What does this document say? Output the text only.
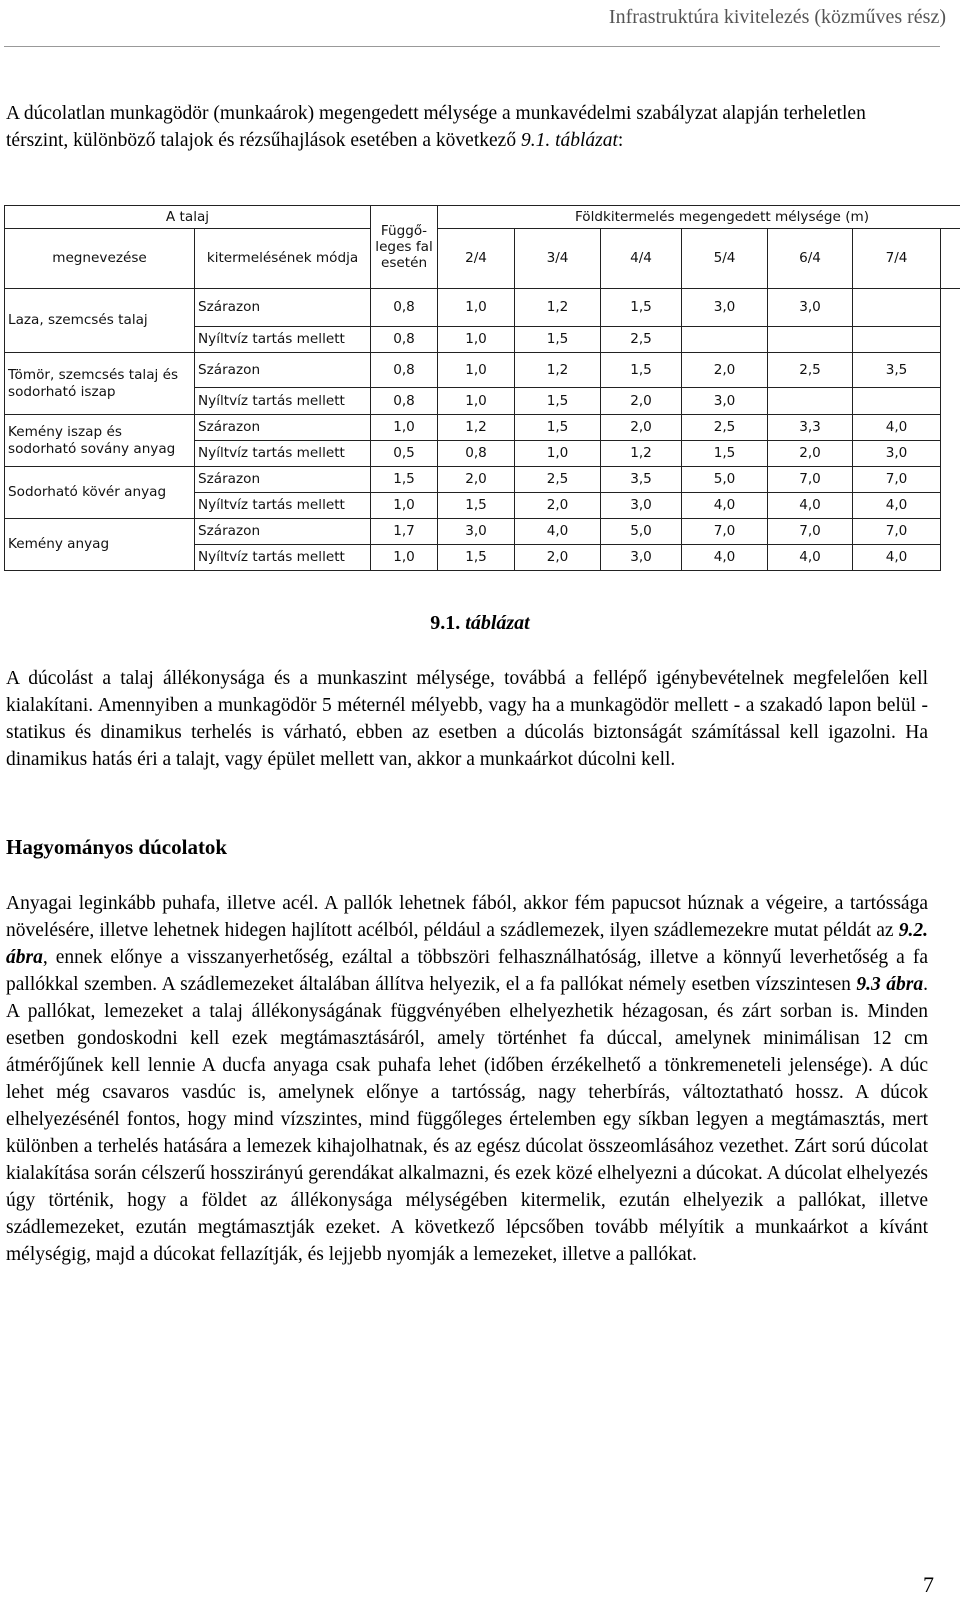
Infrastruktúra kivitelezés (közműves rész)
A dúcolatlan munkagödör (munkaárok) megengedett mélysége a munkavédelmi szabályzat alapján terheletlen térszint, különböző talajok és rézsűhajlások esetében a következő 9.1. táblázat:
A talaj		Függő-leges fal esetén	Földkitermelés megengedett mélysége (m)						
megnevezése	kitermelésének módja		2/4	3/4	4/4	5/4	6/4	7/4	
Laza, szemcsés talaj	Szárazon	0,8	1,0	1,2	1,5	3,0	3,0		
	Nyíltvíz tartás mellett	0,8	1,0	1,5	2,5				
Tömör, szemcsés talaj és sodorható iszap	Szárazon	0,8	1,0	1,2	1,5	2,0	2,5	3,5	
	Nyíltvíz tartás mellett	0,8	1,0	1,5	2,0	3,0			
Kemény iszap és sodorható sovány anyag	Szárazon	1,0	1,2	1,5	2,0	2,5	3,3	4,0	
	Nyíltvíz tartás mellett	0,5	0,8	1,0	1,2	1,5	2,0	3,0	
Sodorható kövér anyag	Szárazon	1,5	2,0	2,5	3,5	5,0	7,0	7,0	
	Nyíltvíz tartás mellett	1,0	1,5	2,0	3,0	4,0	4,0	4,0	
Kemény anyag	Szárazon	1,7	3,0	4,0	5,0	7,0	7,0	7,0	
	Nyíltvíz tartás mellett	1,0	1,5	2,0	3,0	4,0	4,0	4,0	
9.1. táblázat
A dúcolást a talaj állékonysága és a munkaszint mélysége, továbbá a fellépő igénybevételnek megfelelően kell kialakítani. Amennyiben a munkagödör 5 méternél mélyebb, vagy ha a munkagödör mellett - a szakadó lapon belül - statikus és dinamikus terhelés is várható, ebben az esetben a dúcolás biztonságát számítással kell igazolni. Ha dinamikus hatás éri a talajt, vagy épület mellett van, akkor a munkaárkot dúcolni kell.
Hagyományos dúcolatok
Anyagai leginkább puhafa, illetve acél. A pallók lehetnek fából, akkor fém papucsot húznak a végeire, a tartóssága növelésére, illetve lehetnek hidegen hajlított acélból, például a szádlemezek, ilyen szádlemezekre mutat példát az 9.2. ábra, ennek előnye a visszanyerhetőség, ezáltal a többszöri felhasználhatóság, illetve a könnyű leverhetőség a fa pallókkal szemben. A szádlemezeket általában állítva helyezik, el a fa pallókat némely esetben vízszintesen 9.3 ábra. A pallókat, lemezeket a talaj állékonyságának függvényében elhelyezhetik hézagosan, és zárt sorban is. Minden esetben gondoskodni kell ezek megtámasztásáról, amely történhet fa dúccal, amelynek minimálisan 12 cm átmérőjűnek kell lennie A ducfa anyaga csak puhafa lehet (időben érzékelhető a tönkremeneteli jelensége). A dúc lehet még csavaros vasdúc is, amelynek előnye a tartósság, nagy teherbírás, változtatható hossz. A dúcok elhelyezésénél fontos, hogy mind vízszintes, mind függőleges értelemben egy síkban legyen a megtámasztás, mert különben a terhelés hatására a lemezek kihajolhatnak, és az egész dúcolat összeomlásához vezethet. Zárt sorú dúcolat kialakítása során célszerű hosszirányú gerendákat alkalmazni, és ezek közé elhelyezni a dúcokat. A dúcolat elhelyezés úgy történik, hogy a földet az állékonysága mélységében kitermelik, ezután elhelyezik a pallókat, illetve szádlemezeket, ezután megtámasztják ezeket. A következő lépcsőben tovább mélyítik a munkaárkot a kívánt mélységig, majd a dúcokat fellazítják, és lejjebb nyomják a lemezeket, illetve a pallókat.
7
